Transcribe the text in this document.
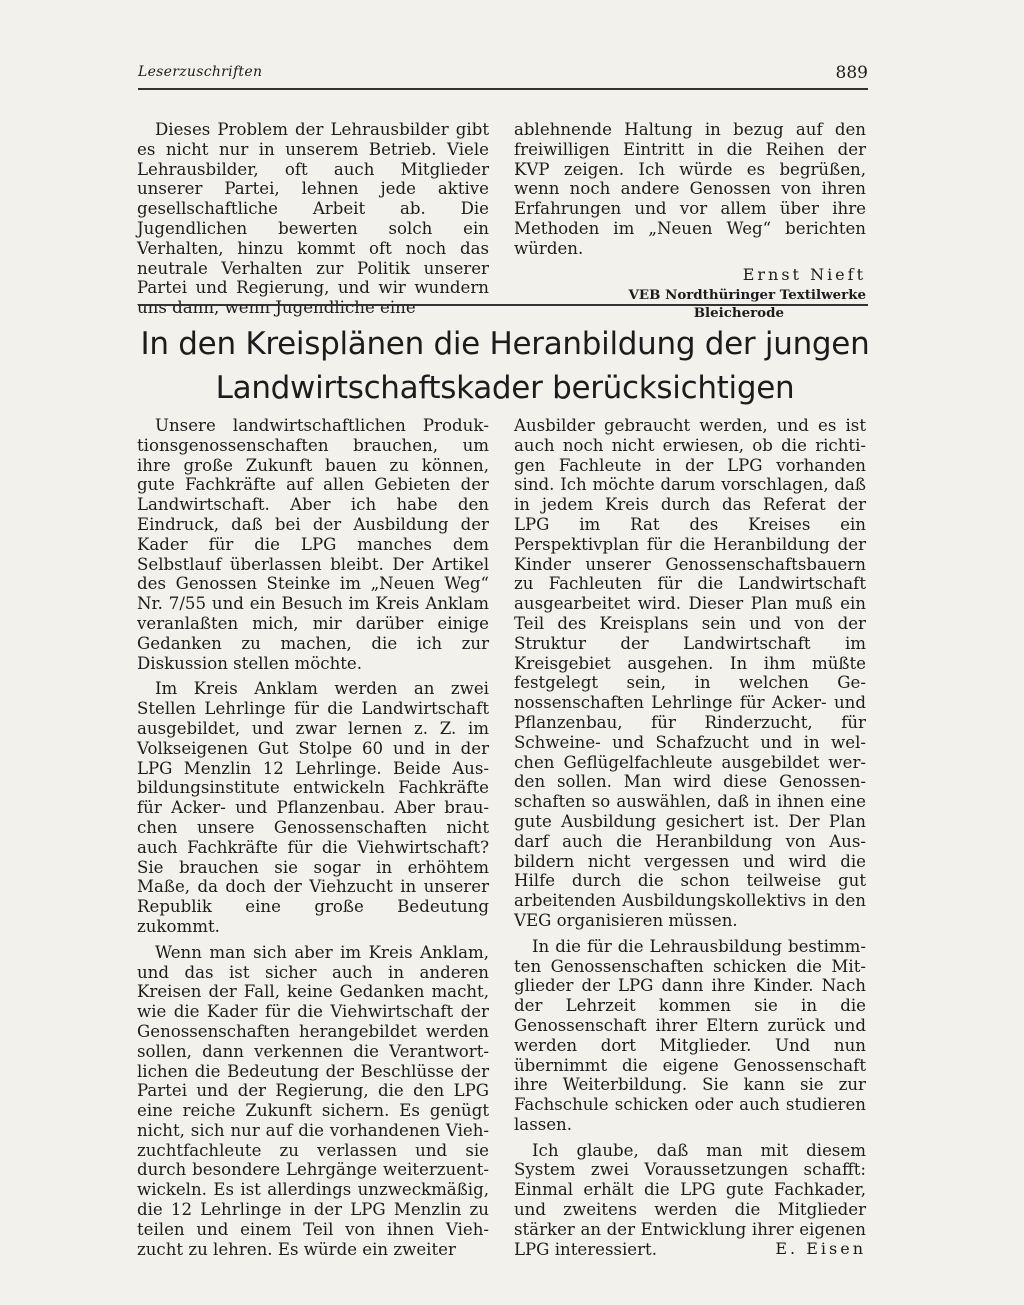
Leserzuschriften	889

Dieses Problem der Lehrausbilder gibt es nicht nur in unserem Betrieb. Viele Lehrausbilder, oft auch Mitglieder unserer Partei, lehnen jede aktive gesellschaftliche Arbeit ab. Die Jugendlichen bewerten solch ein Verhalten, hinzu kommt oft noch das neutrale Verhalten zur Politik unserer Partei und Regierung, und wir wundern uns dann, wenn Jugendliche eine

ablehnende Haltung in bezug auf den freiwilligen Eintritt in die Reihen der KVP zeigen. Ich würde es begrüßen, wenn noch andere Genossen von ihren Erfahrungen und vor allem über ihre Methoden im „Neuen Weg“ berichten würden.

Ernst Nieft
VEB Nordthüringer Textilwerke
Bleicherode
In den Kreisplänen die Heranbildung der jungen Landwirtschaftskader berücksichtigen

Unsere landwirtschaftlichen Produktionsgenossenschaften brauchen, um ihre große Zukunft bauen zu können, gute Fachkräfte auf allen Gebieten der Landwirtschaft. Aber ich habe den Eindruck, daß bei der Ausbildung der Kader für die LPG manches dem Selbstlauf überlassen bleibt. Der Artikel des Genossen Steinke im „Neuen Weg“ Nr. 7/55 und ein Besuch im Kreis Anklam veranlaßten mich, mir darüber einige Gedanken zu machen, die ich zur Diskussion stellen möchte.

Im Kreis Anklam werden an zwei Stellen Lehrlinge für die Landwirtschaft ausgebildet, und zwar lernen z. Z. im Volkseigenen Gut Stolpe 60 und in der LPG Menzlin 12 Lehrlinge. Beide Ausbildungsinstitute entwickeln Fachkräfte für Acker- und Pflanzenbau. Aber brauchen unsere Genossenschaften nicht auch Fachkräfte für die Viehwirtschaft? Sie brauchen sie sogar in erhöhtem Maße, da doch der Viehzucht in unserer Republik eine große Bedeutung zukommt.

Wenn man sich aber im Kreis Anklam, und das ist sicher auch in anderen Kreisen der Fall, keine Gedanken macht, wie die Kader für die Viehwirtschaft der Genossenschaften herangebildet werden sollen, dann verkennen die Verantwortlichen die Bedeutung der Beschlüsse der Partei und der Regierung, die den LPG eine reiche Zukunft sichern. Es genügt nicht, sich nur auf die vorhandenen Viehzuchtfachleute zu verlassen und sie durch besondere Lehrgänge weiterzuentwickeln. Es ist allerdings unzweckmäßig, die 12 Lehrlinge in der LPG Menzlin zu teilen und einem Teil von ihnen Viehzucht zu lehren. Es würde ein zweiter

Ausbilder gebraucht werden, und es ist auch noch nicht erwiesen, ob die richtigen Fachleute in der LPG vorhanden sind. Ich möchte darum vorschlagen, daß in jedem Kreis durch das Referat der LPG im Rat des Kreises ein Perspektivplan für die Heranbildung der Kinder unserer Genossenschaftsbauern zu Fachleuten für die Landwirtschaft ausgearbeitet wird. Dieser Plan muß ein Teil des Kreisplans sein und von der Struktur der Landwirtschaft im Kreisgebiet ausgehen. In ihm müßte festgelegt sein, in welchen Genossenschaften Lehrlinge für Acker- und Pflanzenbau, für Rinderzucht, für Schweine- und Schafzucht und in welchen Geflügelfachleute ausgebildet werden sollen. Man wird diese Genossenschaften so auswählen, daß in ihnen eine gute Ausbildung gesichert ist. Der Plan darf auch die Heranbildung von Ausbildern nicht vergessen und wird die Hilfe durch die schon teilweise gut arbeitenden Ausbildungskollektivs in den VEG organisieren müssen.

In die für die Lehrausbildung bestimmten Genossenschaften schicken die Mitglieder der LPG dann ihre Kinder. Nach der Lehrzeit kommen sie in die Genossenschaft ihrer Eltern zurück und werden dort Mitglieder. Und nun übernimmt die eigene Genossenschaft ihre Weiterbildung. Sie kann sie zur Fachschule schicken oder auch studieren lassen.

Ich glaube, daß man mit diesem System zwei Voraussetzungen schafft: Einmal erhält die LPG gute Fachkader, und zweitens werden die Mitglieder stärker an der Entwicklung ihrer eigenen LPG interessiert.	E. Eisen
